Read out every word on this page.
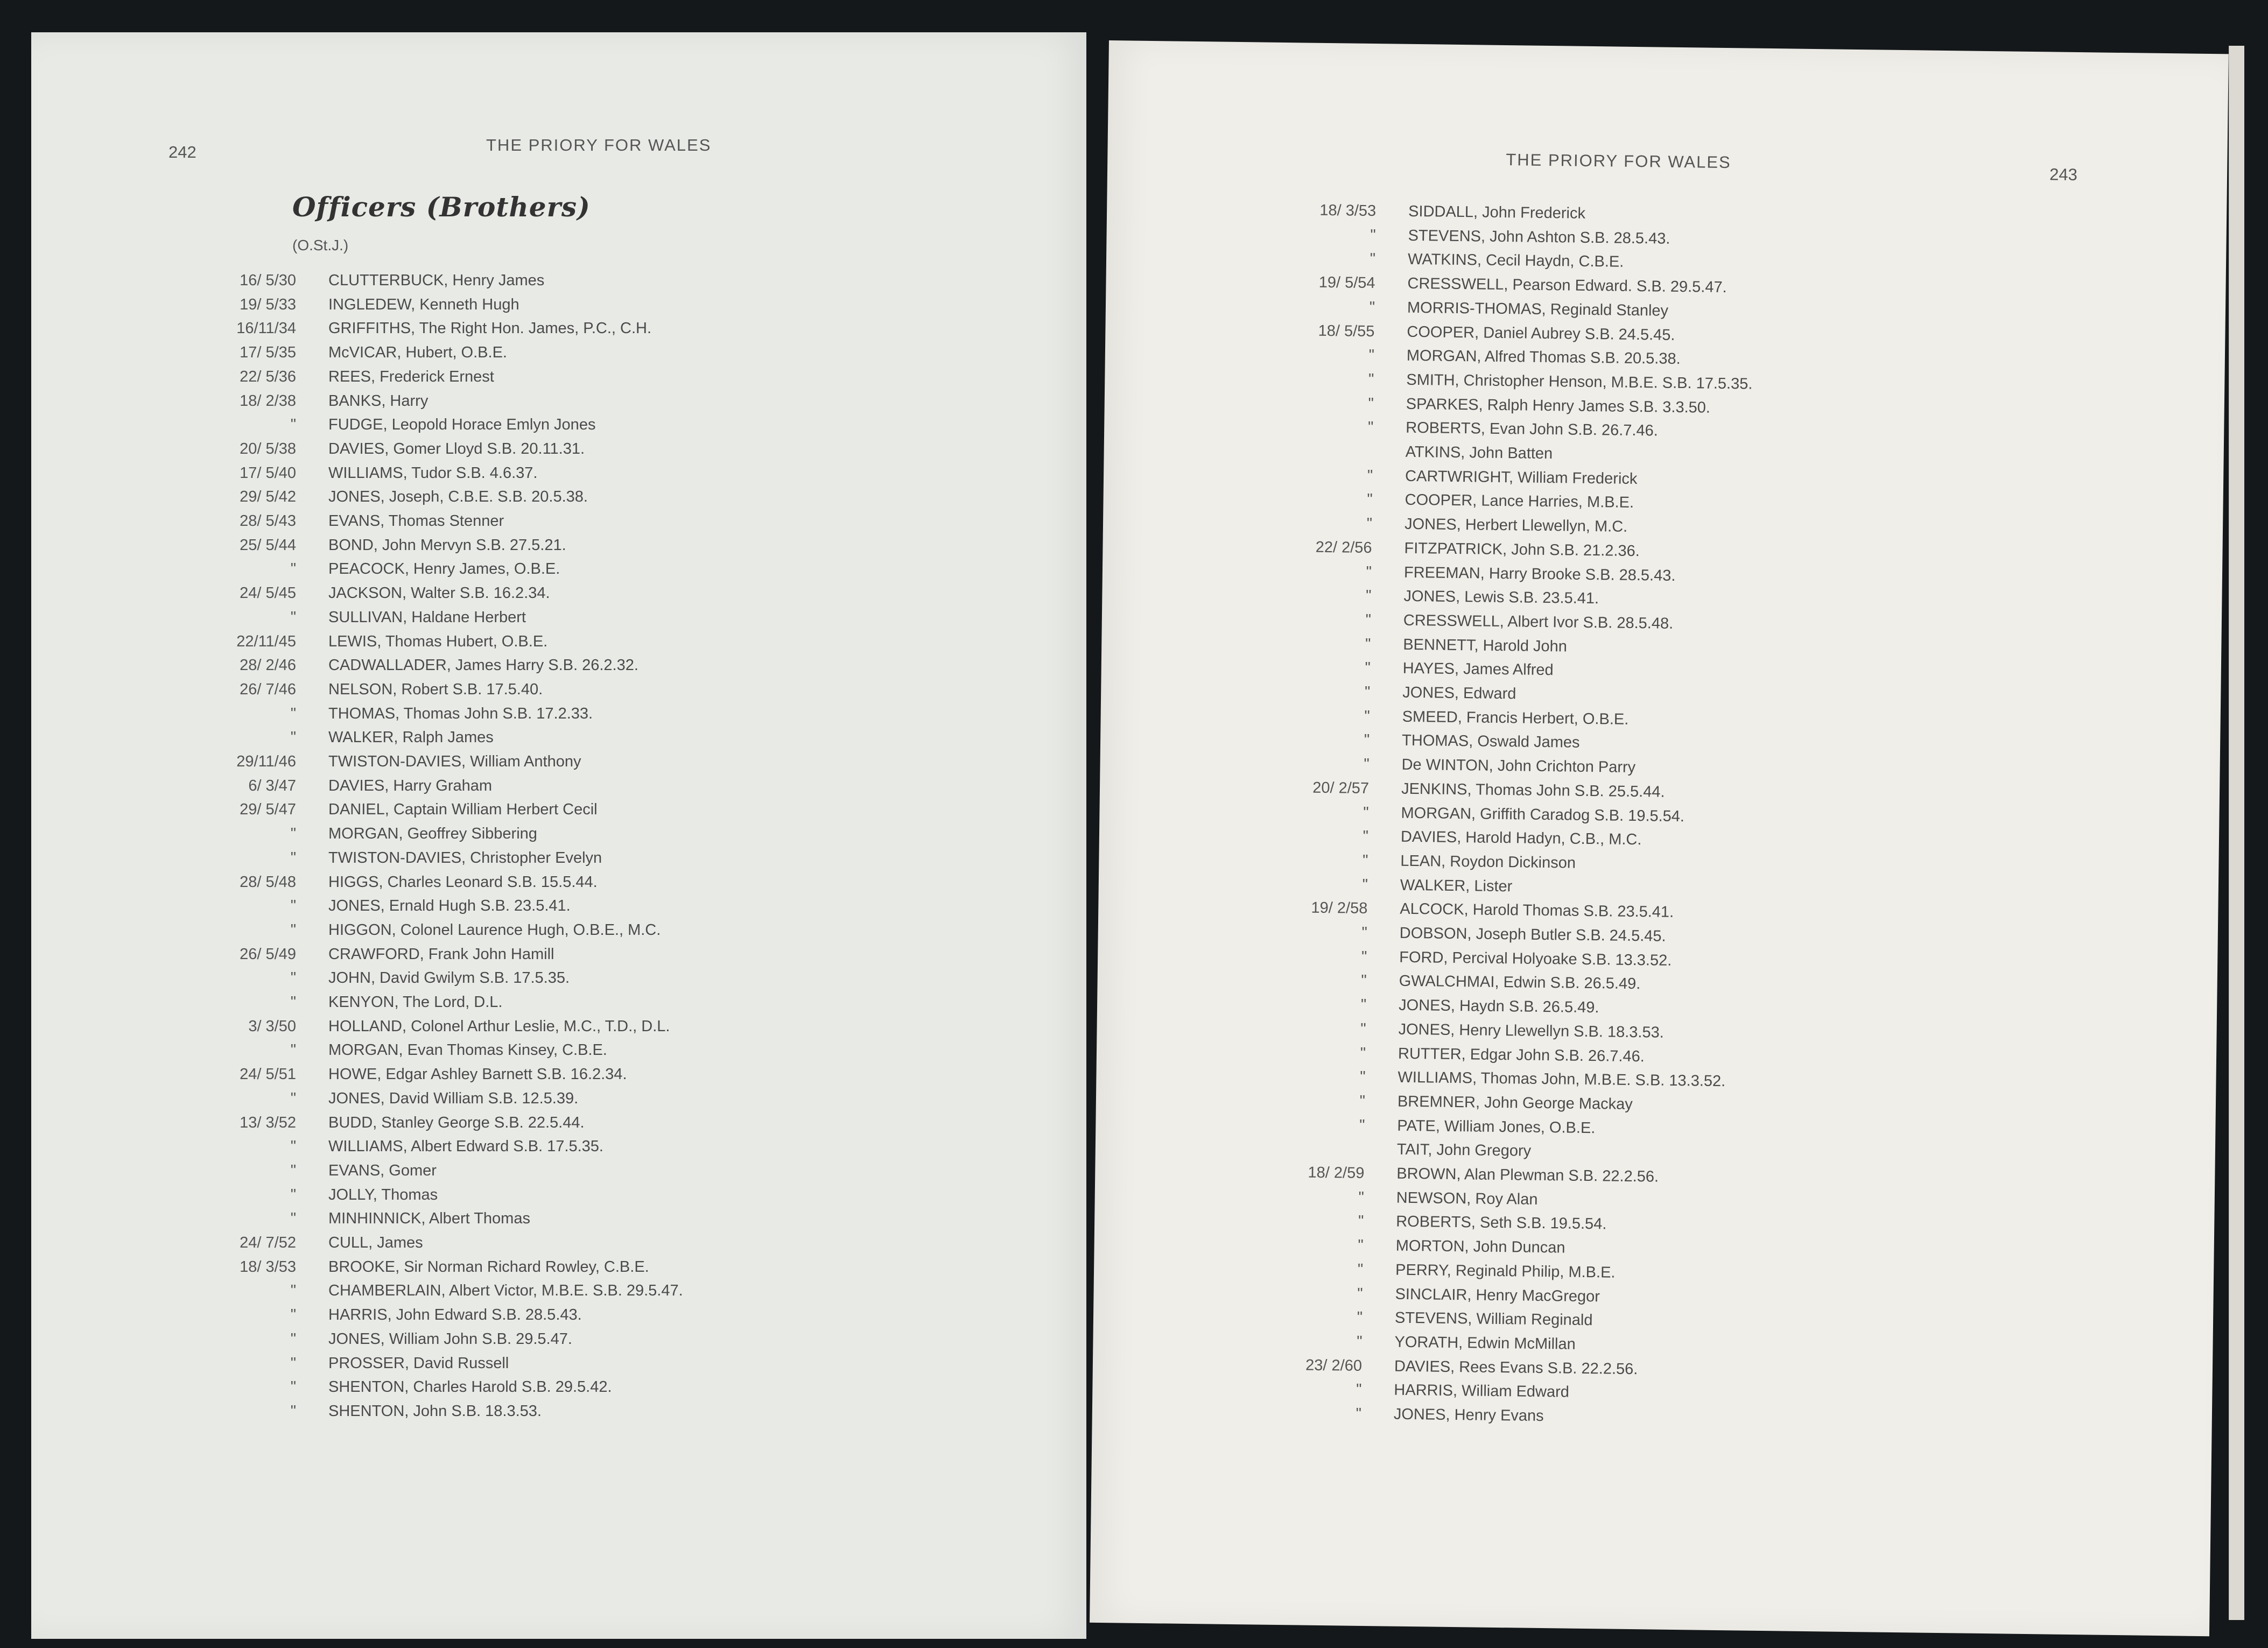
242	THE PRIORY FOR WALES
Officers (Brothers)
(O.St.J.)
16/ 5/30 CLUTTERBUCK, Henry James
19/ 5/33 INGLEDEW, Kenneth Hugh
16/11/34 GRIFFITHS, The Right Hon. James, P.C., C.H.
17/ 5/35 McVICAR, Hubert, O.B.E.
22/ 5/36 REES, Frederick Ernest
18/ 2/38 BANKS, Harry
" FUDGE, Leopold Horace Emlyn Jones
20/ 5/38 DAVIES, Gomer Lloyd S.B. 20.11.31.
17/ 5/40 WILLIAMS, Tudor S.B. 4.6.37.
29/ 5/42 JONES, Joseph, C.B.E. S.B. 20.5.38.
28/ 5/43 EVANS, Thomas Stenner
25/ 5/44 BOND, John Mervyn S.B. 27.5.21.
" PEACOCK, Henry James, O.B.E.
24/ 5/45 JACKSON, Walter S.B. 16.2.34.
" SULLIVAN, Haldane Herbert
22/11/45 LEWIS, Thomas Hubert, O.B.E.
28/ 2/46 CADWALLADER, James Harry S.B. 26.2.32.
26/ 7/46 NELSON, Robert S.B. 17.5.40.
" THOMAS, Thomas John S.B. 17.2.33.
" WALKER, Ralph James
29/11/46 TWISTON-DAVIES, William Anthony
6/ 3/47 DAVIES, Harry Graham
29/ 5/47 DANIEL, Captain William Herbert Cecil
" MORGAN, Geoffrey Sibbering
" TWISTON-DAVIES, Christopher Evelyn
28/ 5/48 HIGGS, Charles Leonard S.B. 15.5.44.
" JONES, Ernald Hugh S.B. 23.5.41.
" HIGGON, Colonel Laurence Hugh, O.B.E., M.C.
26/ 5/49 CRAWFORD, Frank John Hamill
" JOHN, David Gwilym S.B. 17.5.35.
" KENYON, The Lord, D.L.
3/ 3/50 HOLLAND, Colonel Arthur Leslie, M.C., T.D., D.L.
" MORGAN, Evan Thomas Kinsey, C.B.E.
24/ 5/51 HOWE, Edgar Ashley Barnett S.B. 16.2.34.
" JONES, David William S.B. 12.5.39.
13/ 3/52 BUDD, Stanley George S.B. 22.5.44.
" WILLIAMS, Albert Edward S.B. 17.5.35.
" EVANS, Gomer
" JOLLY, Thomas
" MINHINNICK, Albert Thomas
24/ 7/52 CULL, James
18/ 3/53 BROOKE, Sir Norman Richard Rowley, C.B.E.
" CHAMBERLAIN, Albert Victor, M.B.E. S.B. 29.5.47.
" HARRIS, John Edward S.B. 28.5.43.
" JONES, William John S.B. 29.5.47.
" PROSSER, David Russell
" SHENTON, Charles Harold S.B. 29.5.42.
" SHENTON, John S.B. 18.3.53.
THE PRIORY FOR WALES
243
18/ 3/53 SIDDALL, John Frederick
" STEVENS, John Ashton S.B. 28.5.43.
" WATKINS, Cecil Haydn, C.B.E.
19/ 5/54 CRESSWELL, Pearson Edward. S.B. 29.5.47.
" MORRIS-THOMAS, Reginald Stanley
18/ 5/55 COOPER, Daniel Aubrey S.B. 24.5.45.
" MORGAN, Alfred Thomas S.B. 20.5.38.
" SMITH, Christopher Henson, M.B.E. S.B. 17.5.35.
" SPARKES, Ralph Henry James S.B. 3.3.50.
" ROBERTS, Evan John S.B. 26.7.46.
ATKINS, John Batten
" CARTWRIGHT, William Frederick
" COOPER, Lance Harries, M.B.E.
" JONES, Herbert Llewellyn, M.C.
22/ 2/56 FITZPATRICK, John S.B. 21.2.36.
" FREEMAN, Harry Brooke S.B. 28.5.43.
" JONES, Lewis S.B. 23.5.41.
" CRESSWELL, Albert Ivor S.B. 28.5.48.
" BENNETT, Harold John
" HAYES, James Alfred
" JONES, Edward
" SMEED, Francis Herbert, O.B.E.
" THOMAS, Oswald James
" De WINTON, John Crichton Parry
20/ 2/57 JENKINS, Thomas John S.B. 25.5.44.
" MORGAN, Griffith Caradog S.B. 19.5.54.
" DAVIES, Harold Hadyn, C.B., M.C.
" LEAN, Roydon Dickinson
" WALKER, Lister
19/ 2/58 ALCOCK, Harold Thomas S.B. 23.5.41.
" DOBSON, Joseph Butler S.B. 24.5.45.
" FORD, Percival Holyoake S.B. 13.3.52.
" GWALCHMAI, Edwin S.B. 26.5.49.
" JONES, Haydn S.B. 26.5.49.
" JONES, Henry Llewellyn S.B. 18.3.53.
" RUTTER, Edgar John S.B. 26.7.46.
" WILLIAMS, Thomas John, M.B.E. S.B. 13.3.52.
" BREMNER, John George Mackay
" PATE, William Jones, O.B.E.
TAIT, John Gregory
18/ 2/59 BROWN, Alan Plewman S.B. 22.2.56.
" NEWSON, Roy Alan
" ROBERTS, Seth S.B. 19.5.54.
" MORTON, John Duncan
" PERRY, Reginald Philip, M.B.E.
" SINCLAIR, Henry MacGregor
" STEVENS, William Reginald
" YORATH, Edwin McMillan
23/ 2/60 DAVIES, Rees Evans S.B. 22.2.56.
" HARRIS, William Edward
" JONES, Henry Evans
